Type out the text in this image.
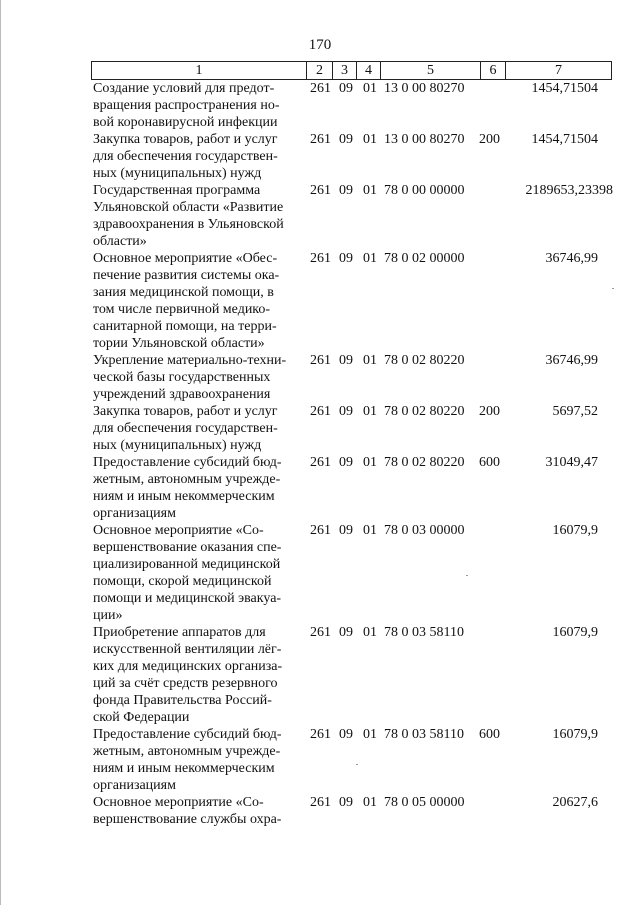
170
1	2	3	4	5	6	7
Создание условий для предот-
вращения распространения но-
вой коронавирусной инфекции
261 09 01 13 0 00 80270	1454,71504
Закупка товаров, работ и услуг
для обеспечения государствен-
ных (муниципальных) нужд
261 09 01 13 0 00 80270 200 1454,71504
Государственная программа
Ульяновской области «Развитие
здравоохранения в Ульяновской
области»
261 09 01 78 0 00 00000	2189653,23398
Основное мероприятие «Обес-
печение развития системы ока-
зания медицинской помощи, в
том числе первичной медико-
санитарной помощи, на терри-
тории Ульяновской области»
261 09 01 78 0 02 00000	36746,99
Укрепление материально-техни-
ческой базы государственных
учреждений здравоохранения
261 09 01 78 0 02 80220	36746,99
Закупка товаров, работ и услуг
для обеспечения государствен-
ных (муниципальных) нужд
261 09 01 78 0 02 80220 200	5697,52
Предоставление субсидий бюд-
жетным, автономным учрежде-
ниям и иным некоммерческим
организациям
261 09 01 78 0 02 80220 600	31049,47
Основное мероприятие «Со-
вершенствование оказания спе-
циализированной медицинской
помощи, скорой медицинской
помощи и медицинской эвакуа-
ции»
261 09 01 78 0 03 00000	16079,9
Приобретение аппаратов для
искусственной вентиляции лёг-
ких для медицинских организа-
ций за счёт средств резервного
фонда Правительства Россий-
ской Федерации
261 09 01 78 0 03 58110	16079,9
Предоставление субсидий бюд-
жетным, автономным учрежде-
ниям и иным некоммерческим
организациям
261 09 01 78 0 03 58110 600	16079,9
Основное мероприятие «Со-
вершенствование службы охра-
261 09 01 78 0 05 00000	20627,6
